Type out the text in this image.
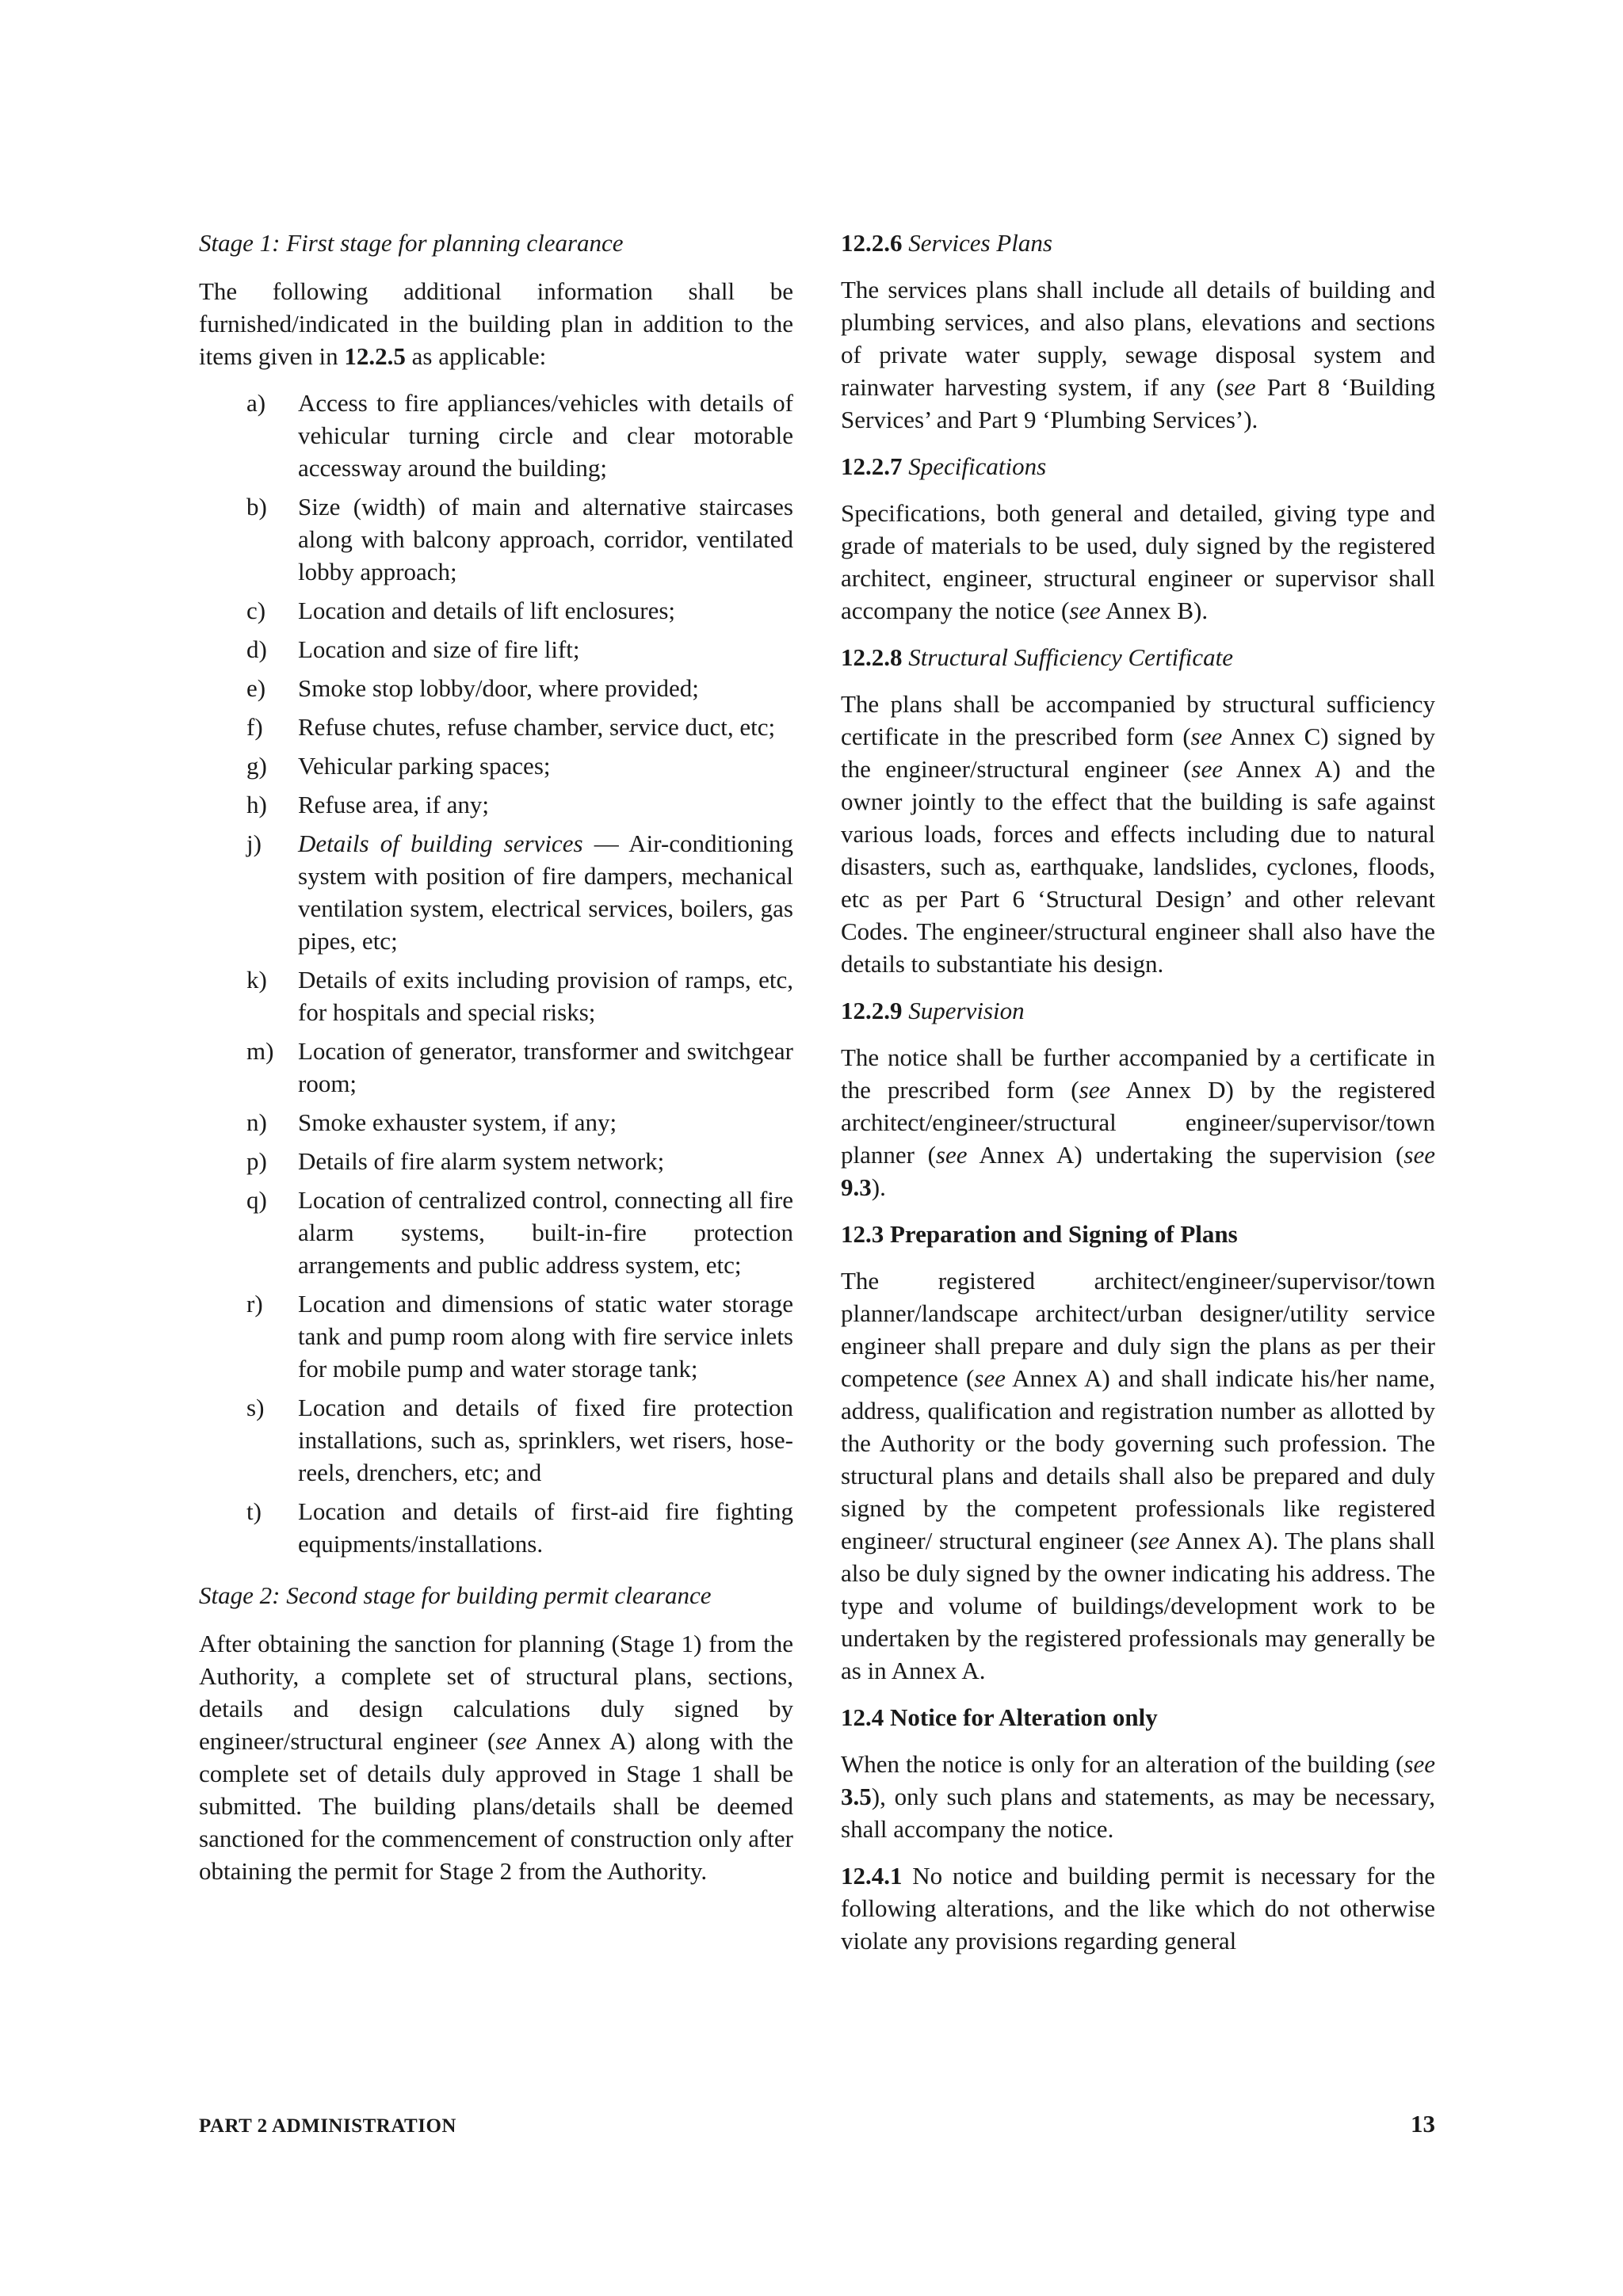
Stage 1: First stage for planning clearance

The following additional information shall be furnished/indicated in the building plan in addition to the items given in 12.2.5 as applicable:

a) Access to fire appliances/vehicles with details of vehicular turning circle and clear motorable accessway around the building;
b) Size (width) of main and alternative staircases along with balcony approach, corridor, ventilated lobby approach;
c) Location and details of lift enclosures;
d) Location and size of fire lift;
e) Smoke stop lobby/door, where provided;
f) Refuse chutes, refuse chamber, service duct, etc;
g) Vehicular parking spaces;
h) Refuse area, if any;
j) Details of building services — Air-conditioning system with position of fire dampers, mechanical ventilation system, electrical services, boilers, gas pipes, etc;
k) Details of exits including provision of ramps, etc, for hospitals and special risks;
m) Location of generator, transformer and switchgear room;
n) Smoke exhauster system, if any;
p) Details of fire alarm system network;
q) Location of centralized control, connecting all fire alarm systems, built-in-fire protection arrangements and public address system, etc;
r) Location and dimensions of static water storage tank and pump room along with fire service inlets for mobile pump and water storage tank;
s) Location and details of fixed fire protection installations, such as, sprinklers, wet risers, hose-reels, drenchers, etc; and
t) Location and details of first-aid fire fighting equipments/installations.

Stage 2: Second stage for building permit clearance

After obtaining the sanction for planning (Stage 1) from the Authority, a complete set of structural plans, sections, details and design calculations duly signed by engineer/structural engineer (see Annex A) along with the complete set of details duly approved in Stage 1 shall be submitted. The building plans/details shall be deemed sanctioned for the commencement of construction only after obtaining the permit for Stage 2 from the Authority.

12.2.6 Services Plans

The services plans shall include all details of building and plumbing services, and also plans, elevations and sections of private water supply, sewage disposal system and rainwater harvesting system, if any (see Part 8 ‘Building Services’ and Part 9 ‘Plumbing Services’).

12.2.7 Specifications

Specifications, both general and detailed, giving type and grade of materials to be used, duly signed by the registered architect, engineer, structural engineer or supervisor shall accompany the notice (see Annex B).

12.2.8 Structural Sufficiency Certificate

The plans shall be accompanied by structural sufficiency certificate in the prescribed form (see Annex C) signed by the engineer/structural engineer (see Annex A) and the owner jointly to the effect that the building is safe against various loads, forces and effects including due to natural disasters, such as, earthquake, landslides, cyclones, floods, etc as per Part 6 ‘Structural Design’ and other relevant Codes. The engineer/structural engineer shall also have the details to substantiate his design.

12.2.9 Supervision

The notice shall be further accompanied by a certificate in the prescribed form (see Annex D) by the registered architect/engineer/structural engineer/supervisor/town planner (see Annex A) undertaking the supervision (see 9.3).

12.3 Preparation and Signing of Plans

The registered architect/engineer/supervisor/town planner/landscape architect/urban designer/utility service engineer shall prepare and duly sign the plans as per their competence (see Annex A) and shall indicate his/her name, address, qualification and registration number as allotted by the Authority or the body governing such profession. The structural plans and details shall also be prepared and duly signed by the competent professionals like registered engineer/ structural engineer (see Annex A). The plans shall also be duly signed by the owner indicating his address. The type and volume of buildings/development work to be undertaken by the registered professionals may generally be as in Annex A.

12.4 Notice for Alteration only

When the notice is only for an alteration of the building (see 3.5), only such plans and statements, as may be necessary, shall accompany the notice.

12.4.1 No notice and building permit is necessary for the following alterations, and the like which do not otherwise violate any provisions regarding general

PART 2 ADMINISTRATION	13
